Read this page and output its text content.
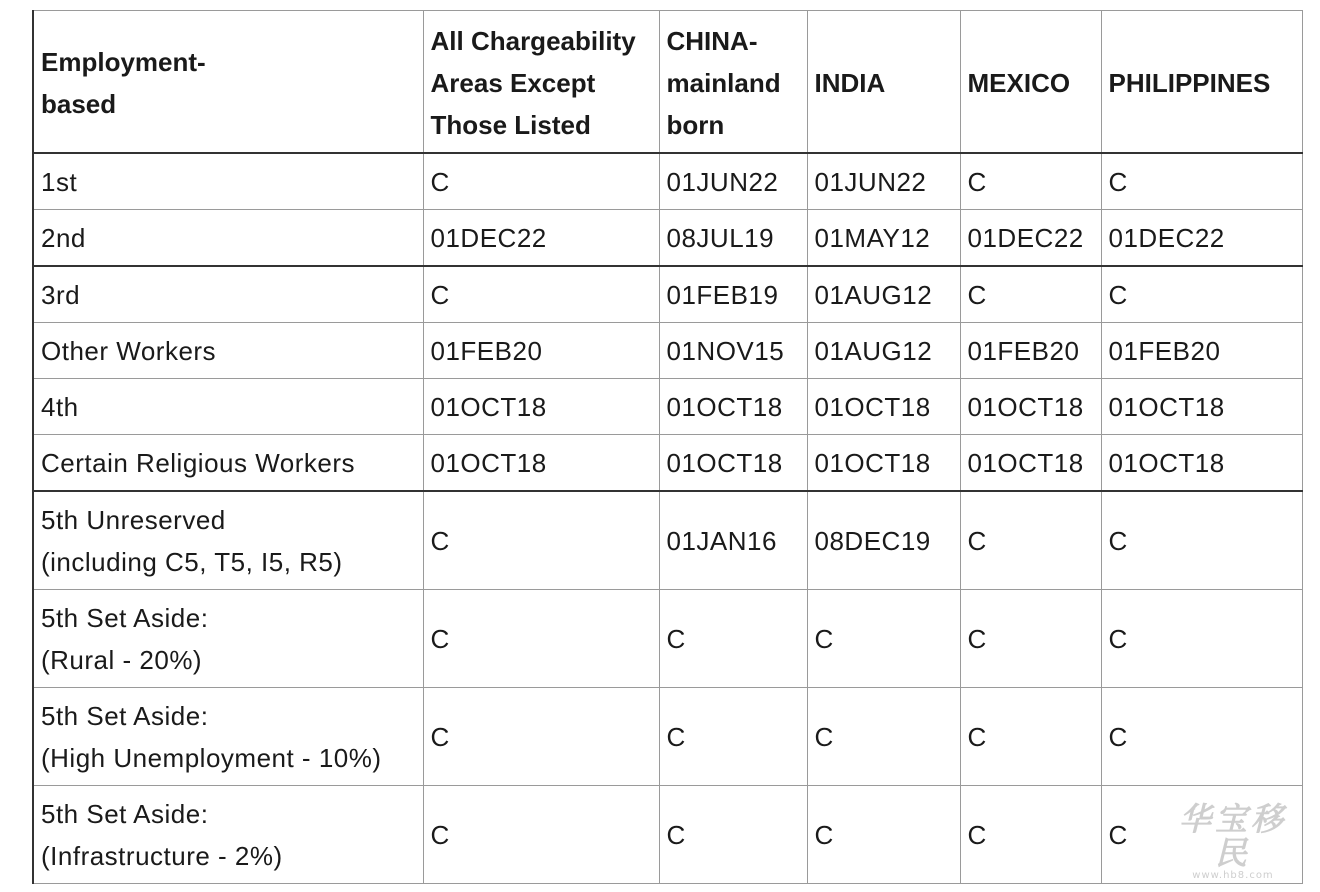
Employment-
based	All Chargeability
Areas Except
Those Listed	CHINA-
mainland
born	INDIA	MEXICO	PHILIPPINES
1st	C	01JUN22	01JUN22	C	C
2nd	01DEC22	08JUL19	01MAY12	01DEC22	01DEC22
3rd	C	01FEB19	01AUG12	C	C
Other Workers	01FEB20	01NOV15	01AUG12	01FEB20	01FEB20
4th	01OCT18	01OCT18	01OCT18	01OCT18	01OCT18
Certain Religious Workers	01OCT18	01OCT18	01OCT18	01OCT18	01OCT18
5th Unreserved
(including C5, T5, I5, R5)	C	01JAN16	08DEC19	C	C
5th Set Aside:
(Rural - 20%)	C	C	C	C	C
5th Set Aside:
(High Unemployment - 10%)	C	C	C	C	C
5th Set Aside:
(Infrastructure - 2%)	C	C	C	C	C	华宝移民
www.hb8.com
